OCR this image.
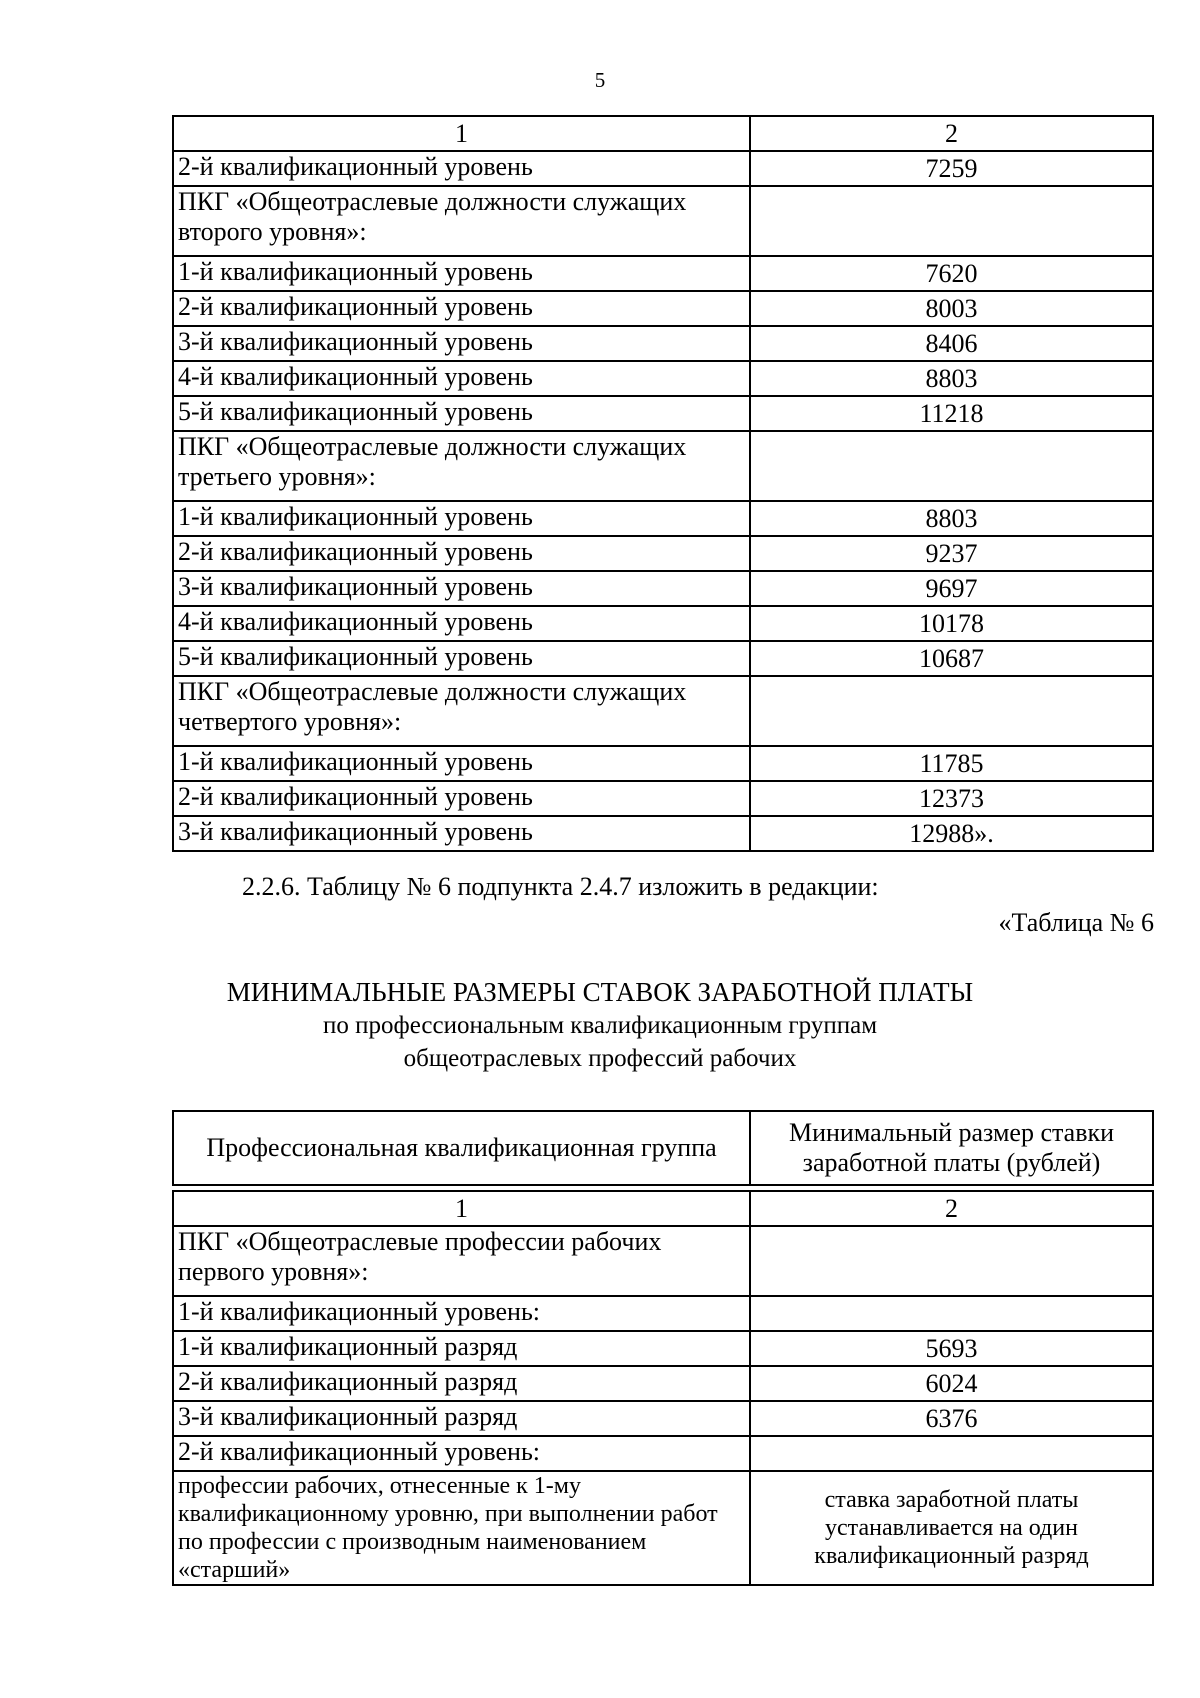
5
1	2
2-й квалификационный уровень	7259
ПКГ «Общеотраслевые должности служащих второго уровня»:	
1-й квалификационный уровень	7620
2-й квалификационный уровень	8003
3-й квалификационный уровень	8406
4-й квалификационный уровень	8803
5-й квалификационный уровень	11218
ПКГ «Общеотраслевые должности служащих третьего уровня»:	
1-й квалификационный уровень	8803
2-й квалификационный уровень	9237
3-й квалификационный уровень	9697
4-й квалификационный уровень	10178
5-й квалификационный уровень	10687
ПКГ «Общеотраслевые должности служащих четвертого уровня»:	
1-й квалификационный уровень	11785
2-й квалификационный уровень	12373
3-й квалификационный уровень	12988».
2.2.6. Таблицу № 6 подпункта 2.4.7 изложить в редакции:
«Таблица № 6
МИНИМАЛЬНЫЕ РАЗМЕРЫ СТАВОК ЗАРАБОТНОЙ ПЛАТЫ
по профессиональным квалификационным группам
общеотраслевых профессий рабочих
Профессиональная квалификационная группа	Минимальный размер ставки заработной платы (рублей)
1	2
ПКГ «Общеотраслевые профессии рабочих первого уровня»:	
1-й квалификационный уровень:	
1-й квалификационный разряд	5693
2-й квалификационный разряд	6024
3-й квалификационный разряд	6376
2-й квалификационный уровень:	
профессии рабочих, отнесенные к 1-му квалификационному уровню, при выполнении работ по профессии с производным наименованием «старший»	ставка заработной платы устанавливается на один квалификационный разряд
